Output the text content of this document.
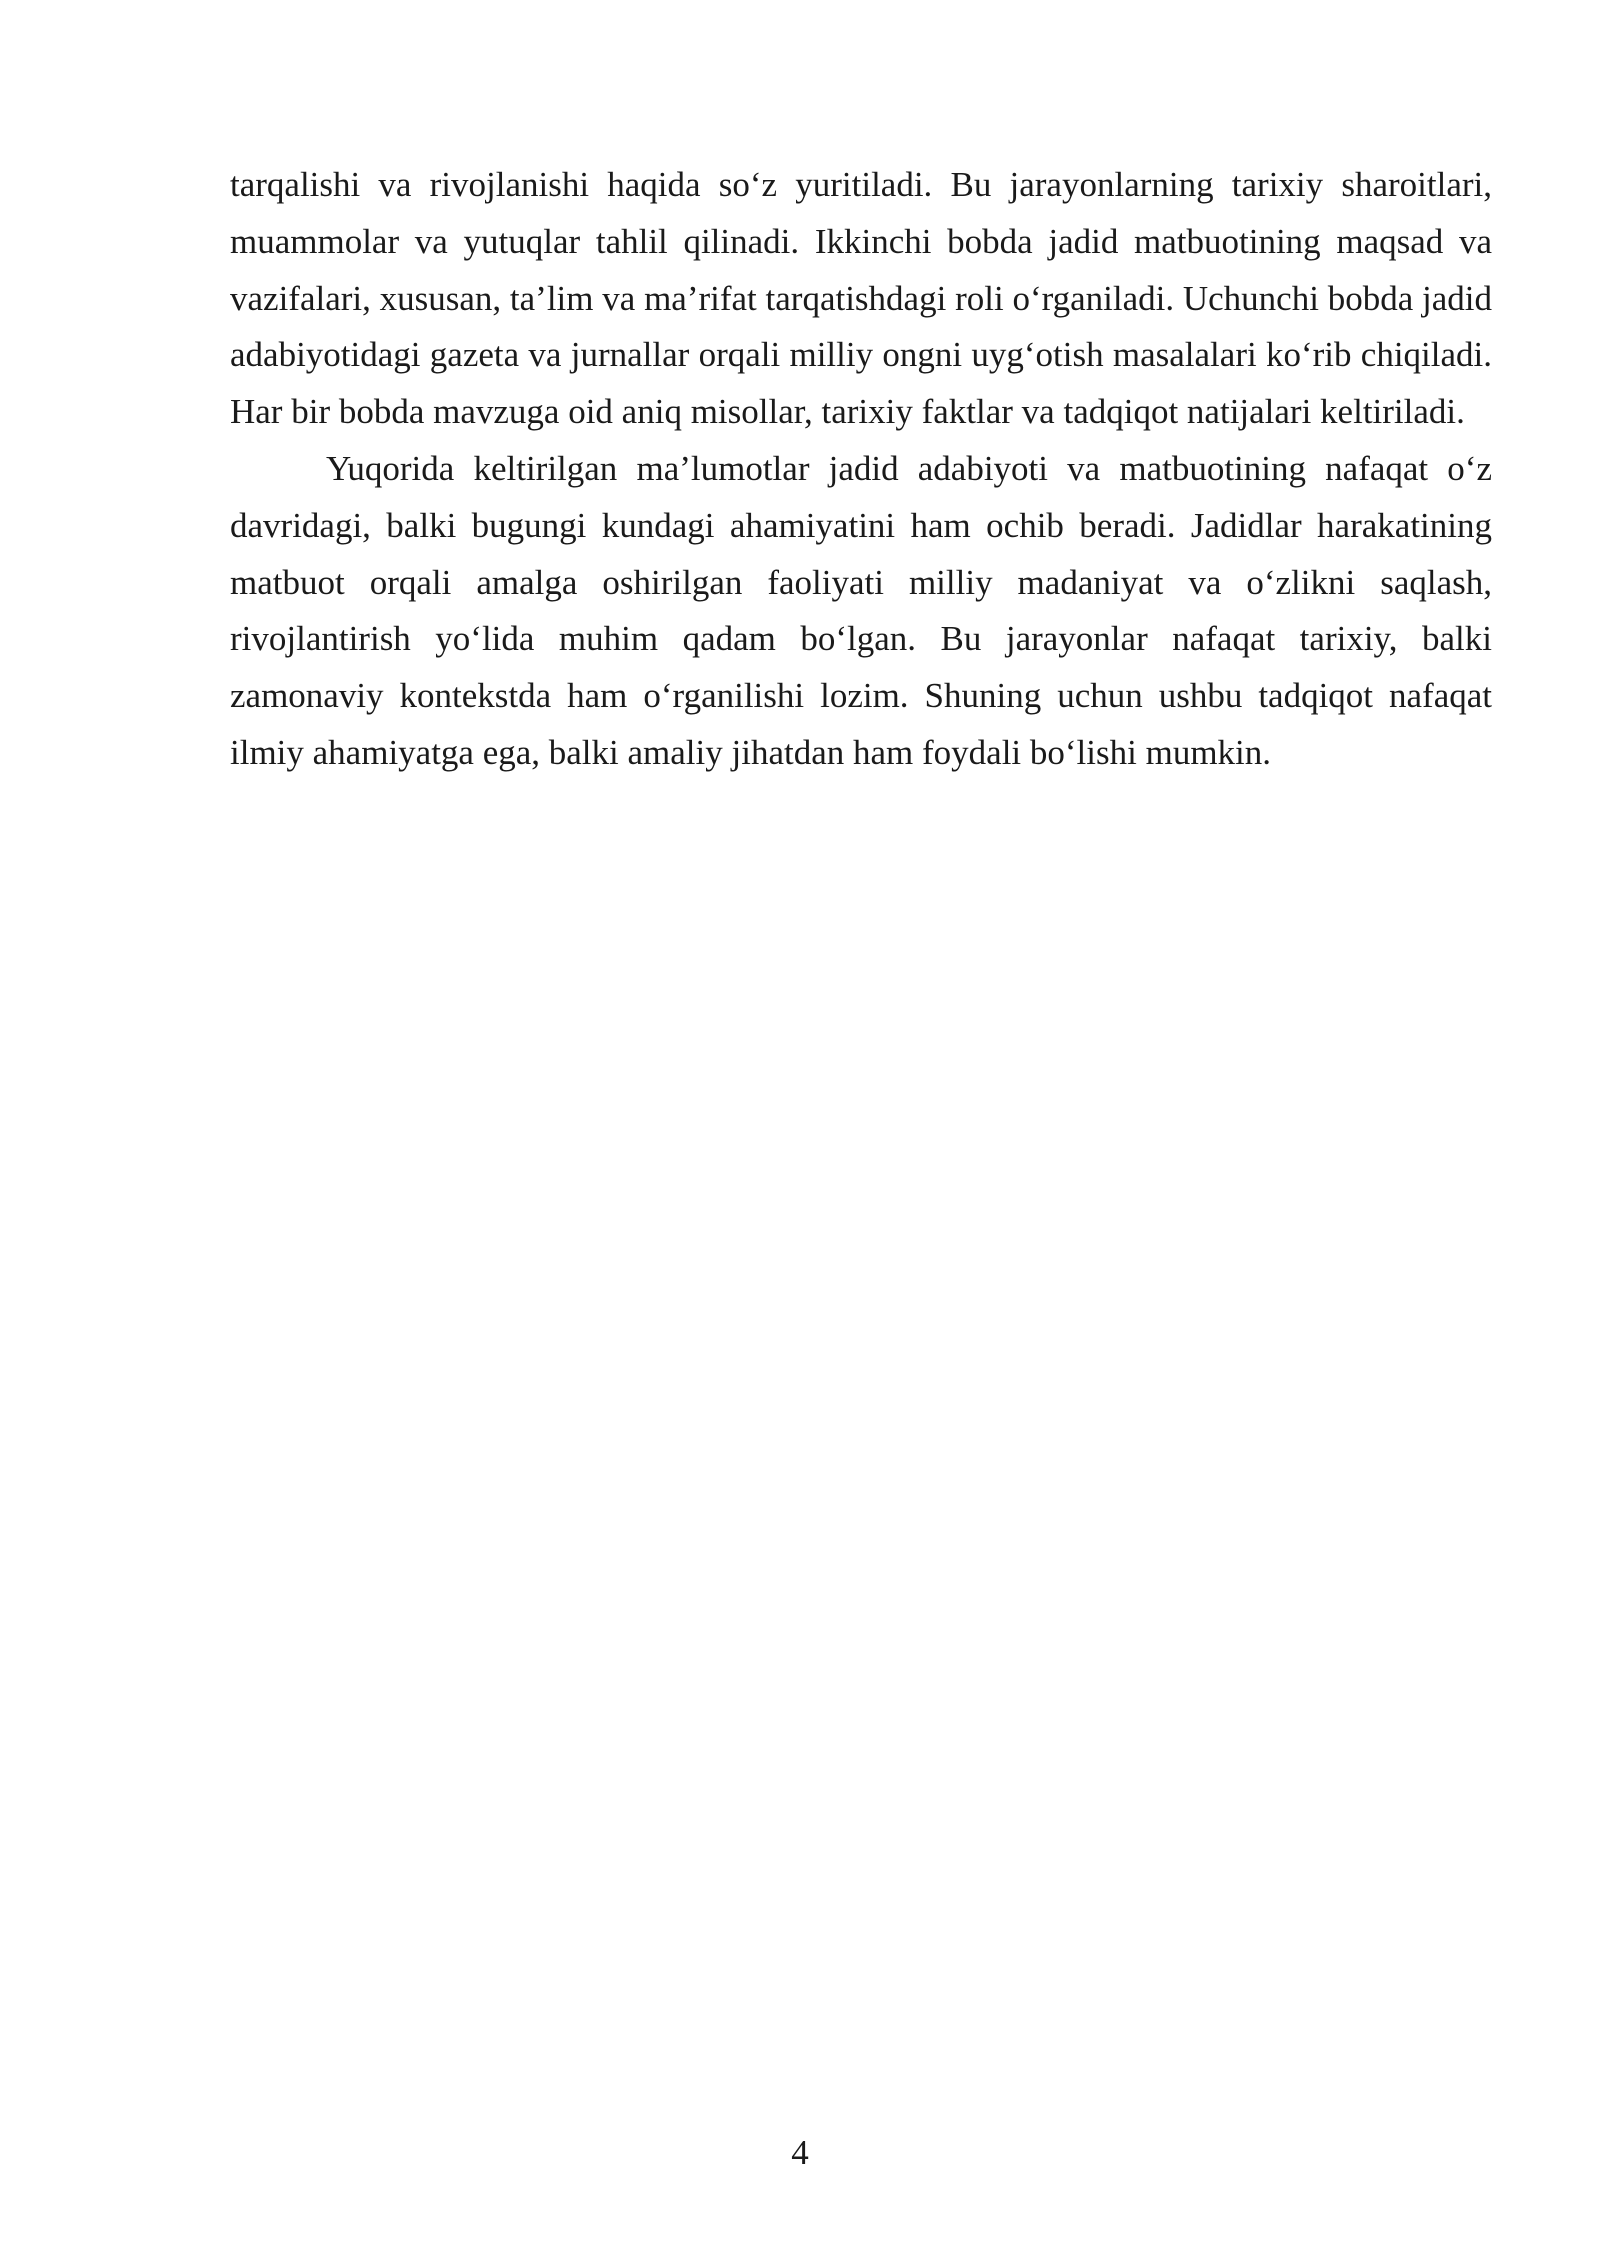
tarqalishi va rivojlanishi haqida so‘z yuritiladi. Bu jarayonlarning tarixiy sharoitlari, muammolar va yutuqlar tahlil qilinadi. Ikkinchi bobda jadid matbuotining maqsad va vazifalari, xususan, ta’lim va ma’rifat tarqatishdagi roli o‘rganiladi. Uchunchi bobda jadid adabiyotidagi gazeta va jurnallar orqali milliy ongni uyg‘otish masalalari ko‘rib chiqiladi. Har bir bobda mavzuga oid aniq misollar, tarixiy faktlar va tadqiqot natijalari keltiriladi.

Yuqorida keltirilgan ma’lumotlar jadid adabiyoti va matbuotining nafaqat o‘z davridagi, balki bugungi kundagi ahamiyatini ham ochib beradi. Jadidlar harakatining matbuot orqali amalga oshirilgan faoliyati milliy madaniyat va o‘zlikni saqlash, rivojlantirish yo‘lida muhim qadam bo‘lgan. Bu jarayonlar nafaqat tarixiy, balki zamonaviy kontekstda ham o‘rganilishi lozim. Shuning uchun ushbu tadqiqot nafaqat ilmiy ahamiyatga ega, balki amaliy jihatdan ham foydali bo‘lishi mumkin.

4
